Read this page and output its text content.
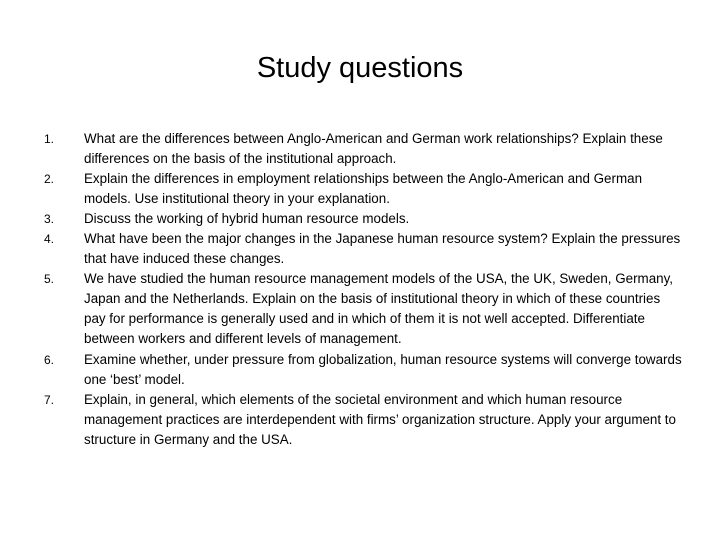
Study questions
1.	What are the differences between Anglo-American and German work relationships? Explain these differences on the basis of the institutional approach.

2.	Explain the differences in employment relationships between the Anglo-American and German models. Use institutional theory in your explanation.

3.	Discuss the working of hybrid human resource models.

4.	What have been the major changes in the Japanese human resource system? Explain the pressures that have induced these changes.

5.	We have studied the human resource management models of the USA, the UK, Sweden, Germany, Japan and the Netherlands. Explain on the basis of institutional theory in which of these countries pay for performance is generally used and in which of them it is not well accepted. Differentiate between workers and different levels of management.

6.	Examine whether, under pressure from globalization, human resource systems will converge towards one ‘best’ model.

7.	Explain, in general, which elements of the societal environment and which human resource management practices are interdependent with firms’ organization structure. Apply your argument to structure in Germany and the USA.
